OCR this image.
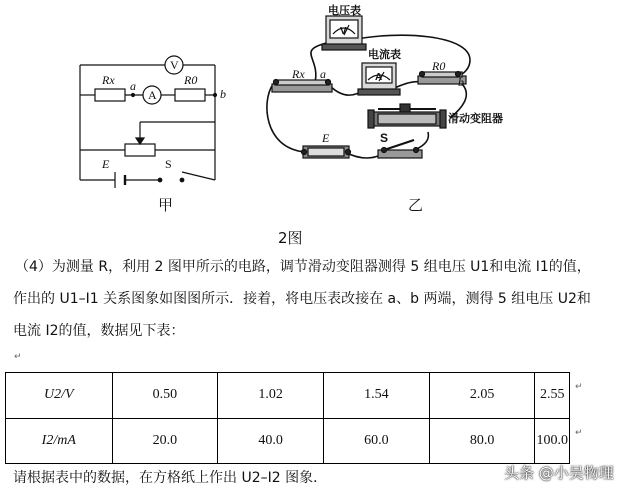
V
A
Rx	R0
a
b
E	S
甲
电压表
电流表
滑动变阻器
V
A
Rx a
R0
b
E	S
乙
2图
（4）为测量 R，利用 2 图甲所示的电路，调节滑动变阻器测得 5 组电压 U1和电流 I1的值，
作出的 U1–I1 关系图象如图图所示．接着，将电压表改接在 a、b 两端，测得 5 组电压 U2和
电流 I2的值，数据见下表：
↵
U2/V	0.50	1.02	1.54	2.05	2.55
I2/mA	20.0	40.0	60.0	80.0	100.0
↵
↵
请根据表中的数据，在方格纸上作出 U2–I2 图象．	头条 @小吴物理
